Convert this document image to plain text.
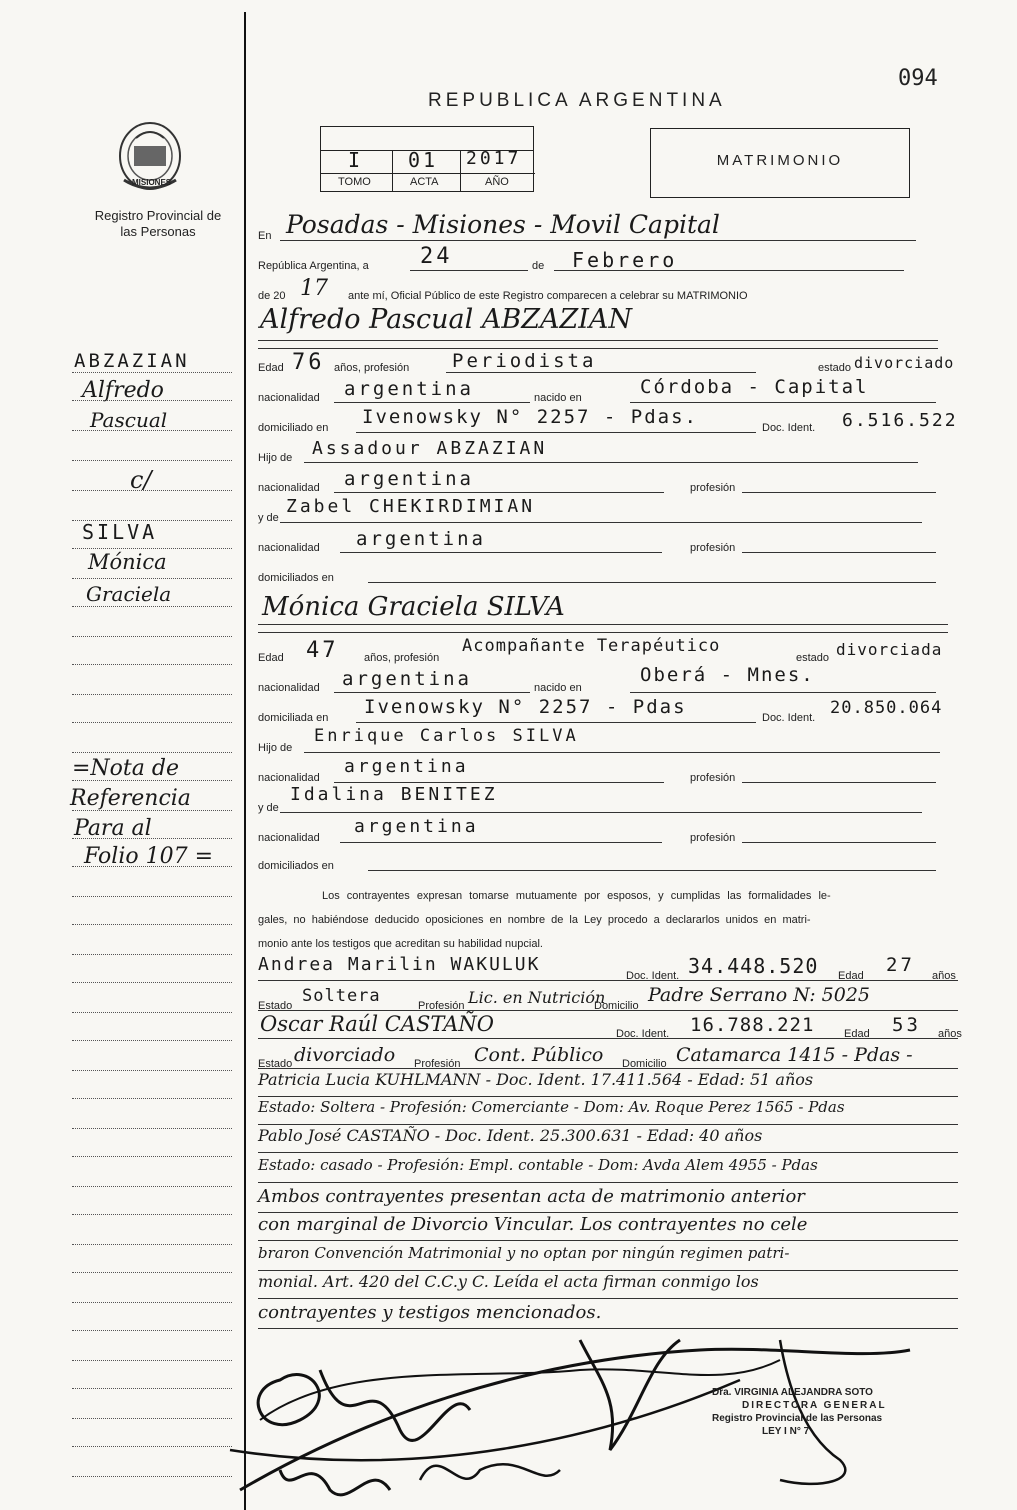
094
REPUBLICA ARGENTINA
MISIONES
Registro Provincial de las Personas
I 01 2017
TOMO	ACTA	AÑO
MATRIMONIO
ABZAZIAN
Alfredo
Pascual
c/
SILVA
Mónica
Graciela
=Nota de
Referencia
Para al
Folio 107 =
En Posadas - Misiones - Movil Capital
República Argentina, a 24	de Febrero
de 20 17 ante mí, Oficial Público de este Registro comparecen a celebrar su MATRIMONIO
Alfredo Pascual ABZAZIAN
Edad 76 años, profesión Periodista	estado divorciado
nacionalidad argentina	nacido en	Córdoba - Capital
domiciliado en Ivenowsky N° 2257 - Pdas.	Doc. Ident. 6.516.522
Hijo de Assadour ABZAZIAN
nacionalidad argentina	profesión
y de
Zabel CHEKIRDIMIAN
nacionalidad argentina	profesión
domiciliados en
Mónica Graciela SILVA
Edad 47 años, profesión
Acompañante Terapéutico
estado divorciada
nacionalidad argentina	nacido en
Oberá - Mnes.
domiciliada en Ivenowsky N° 2257 - Pdas	Doc. Ident. 20.850.064
Hijo de
Enrique Carlos SILVA
nacionalidad
argentina
profesión
y de
Idalina BENITEZ
nacionalidad
argentina
profesión
domiciliados en
Los contrayentes expresan tomarse mutuamente por esposos, y cumplidas las formalidades le-
gales, no habiéndose deducido oposiciones en nombre de la Ley procedo a declararlos unidos en matri-
monio ante los testigos que acreditan su habilidad nupcial.
Andrea Marilin WAKULUK
Doc. Ident. 34.448.520 Edad 27 años
Estado Soltera	Profesión Lic. en Nutrición
Domicilio Padre Serrano N: 5025
Oscar Raúl CASTAÑO	Doc. Ident. 16.788.221	Edad 53 años
Estado divorciado Profesión Cont. Público Domicilio Catamarca 1415 - Pdas -
Patricia Lucia KUHLMANN - Doc. Ident. 17.411.564 - Edad: 51 años
Estado: Soltera - Profesión: Comerciante - Dom: Av. Roque Perez 1565 - Pdas
Pablo José CASTAÑO - Doc. Ident. 25.300.631 - Edad: 40 años
Estado: casado - Profesión: Empl. contable - Dom: Avda Alem 4955 - Pdas
Ambos contrayentes presentan acta de matrimonio anterior
con marginal de Divorcio Vincular. Los contrayentes no cele
braron Convención Matrimonial y no optan por ningún regimen patri-
monial. Art. 420 del C.C.y C. Leída el acta firman conmigo los
contrayentes y testigos mencionados.
Dra. VIRGINIA ALEJANDRA SOTO
DIRECTORA GENERAL
Registro Provincial de las Personas
LEY I N° 7
